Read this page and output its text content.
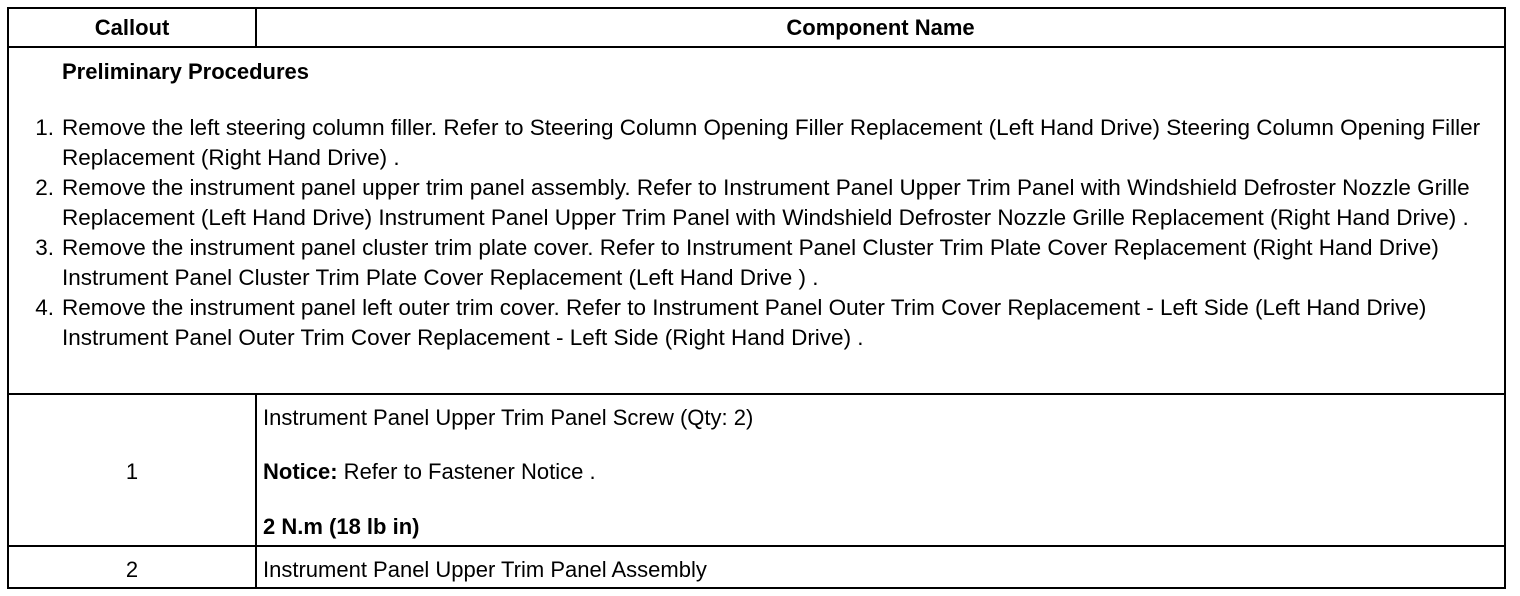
Callout	Component Name
Preliminary Procedures
1. Remove the left steering column filler. Refer to Steering Column Opening Filler Replacement (Left Hand Drive) Steering Column Opening Filler Replacement (Right Hand Drive) .
2. Remove the instrument panel upper trim panel assembly. Refer to Instrument Panel Upper Trim Panel with Windshield Defroster Nozzle Grille Replacement (Left Hand Drive) Instrument Panel Upper Trim Panel with Windshield Defroster Nozzle Grille Replacement (Right Hand Drive) .
3. Remove the instrument panel cluster trim plate cover. Refer to Instrument Panel Cluster Trim Plate Cover Replacement (Right Hand Drive) Instrument Panel Cluster Trim Plate Cover Replacement (Left Hand Drive ) .
4. Remove the instrument panel left outer trim cover. Refer to Instrument Panel Outer Trim Cover Replacement - Left Side (Left Hand Drive) Instrument Panel Outer Trim Cover Replacement - Left Side (Right Hand Drive) .
1
Instrument Panel Upper Trim Panel Screw (Qty: 2)
Notice: Refer to Fastener Notice .
2 N.m (18 lb in)
2	Instrument Panel Upper Trim Panel Assembly
